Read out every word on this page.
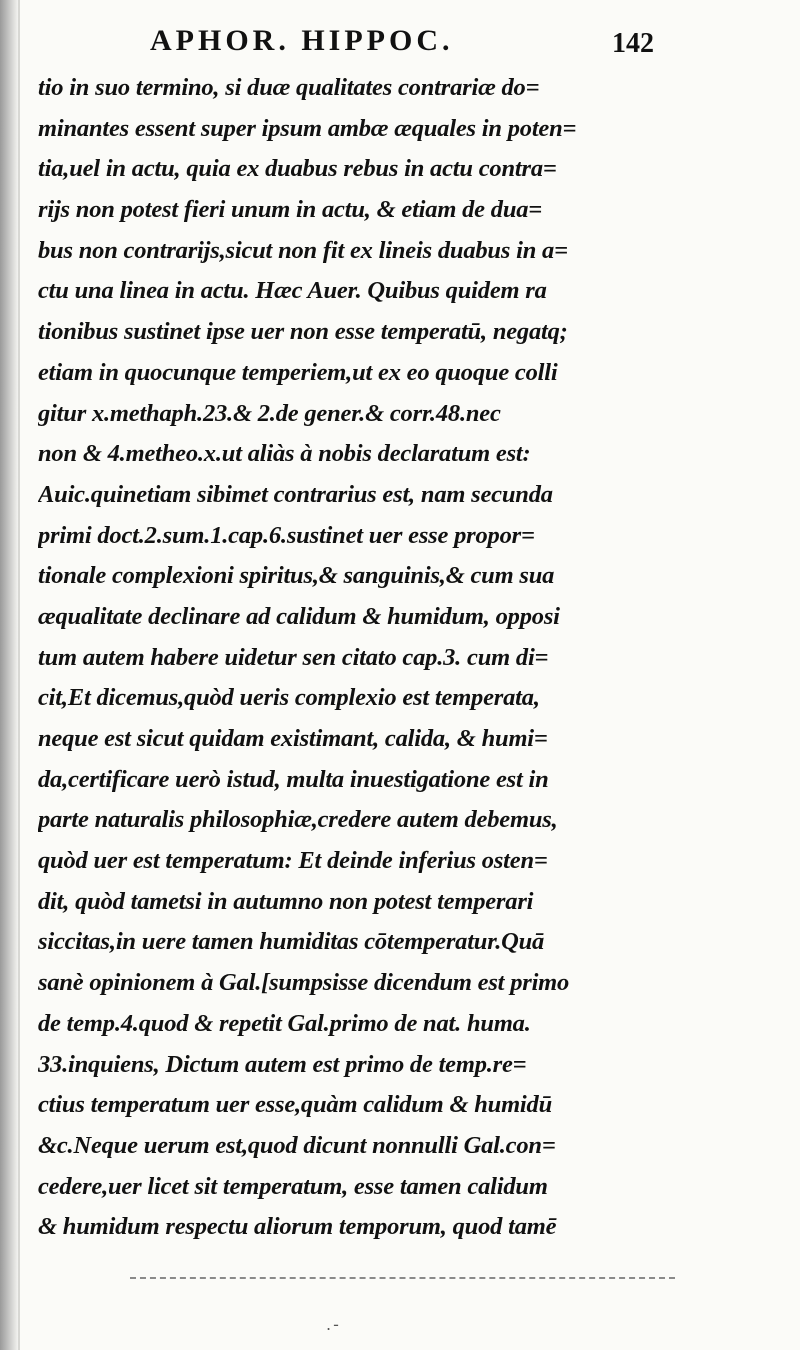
APHOR. HIPPOC.	142
tio in suo termino, si duæ qualitates contrariæ do=
minantes essent super ipsum ambæ æquales in poten=
tia,uel in actu, quia ex duabus rebus in actu contra=
rijs non potest fieri unum in actu, & etiam de dua=
bus non contrarijs,sicut non fit ex lineis duabus in a=
ctu una linea in actu. Hæc Auer. Quibus quidem ra
tionibus sustinet ipse uer non esse temperatū, negatq;
etiam in quocunque temperiem,ut ex eo quoque colli
gitur x.methaph.23.& 2.de gener.& corr.48.nec
non & 4.metheo.x.ut aliàs à nobis declaratum est:
Auic.quinetiam sibimet contrarius est, nam secunda
primi doct.2.sum.1.cap.6.sustinet uer esse propor=
tionale complexioni spiritus,& sanguinis,& cum sua
æqualitate declinare ad calidum & humidum, opposi
tum autem habere uidetur sen citato cap.3. cum di=
cit,Et dicemus,quòd ueris complexio est temperata,
neque est sicut quidam existimant, calida, & humi=
da,certificare uerò istud, multa inuestigatione est in
parte naturalis philosophiæ,credere autem debemus,
quòd uer est temperatum: Et deinde inferius osten=
dit, quòd tametsi in autumno non potest temperari
siccitas,in uere tamen humiditas cōtemperatur.Quā
sanè opinionem à Gal.[sumpsisse dicendum est primo
de temp.4.quod & repetit Gal.primo de nat. huma.
33.inquiens, Dictum autem est primo de temp.re=
ctius temperatum uer esse,quàm calidum & humidū
&c.Neque uerum est,quod dicunt nonnulli Gal.con=
cedere,uer licet sit temperatum, esse tamen calidum
& humidum respectu aliorum temporum, quod tamē
.-
